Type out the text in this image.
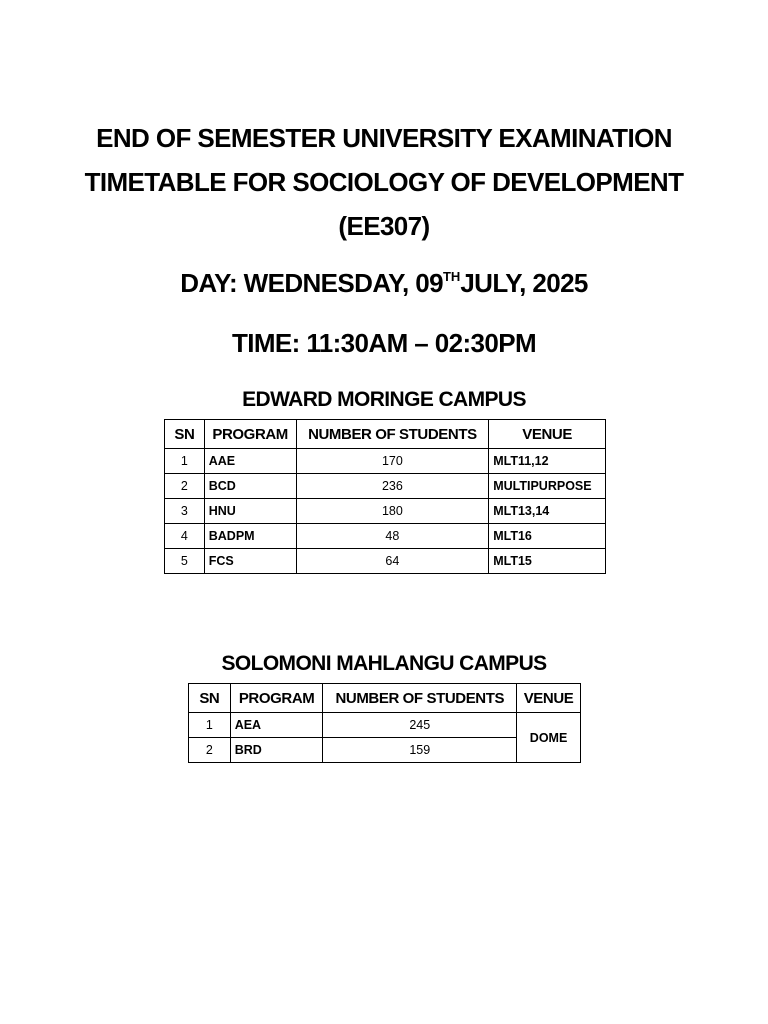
END OF SEMESTER UNIVERSITY EXAMINATION
TIMETABLE FOR SOCIOLOGY OF DEVELOPMENT
(EE307)
DAY: WEDNESDAY, 09THJULY, 2025
TIME: 11:30AM – 02:30PM
EDWARD MORINGE CAMPUS
SN	PROGRAM	NUMBER OF STUDENTS	VENUE
1	AAE	170	MLT11,12
2	BCD	236	MULTIPURPOSE
3	HNU	180	MLT13,14
4	BADPM	48	MLT16
5	FCS	64	MLT15
SOLOMONI MAHLANGU CAMPUS
SN	PROGRAM	NUMBER OF STUDENTS	VENUE
1	AEA	245	DOME
2	BRD	159	
